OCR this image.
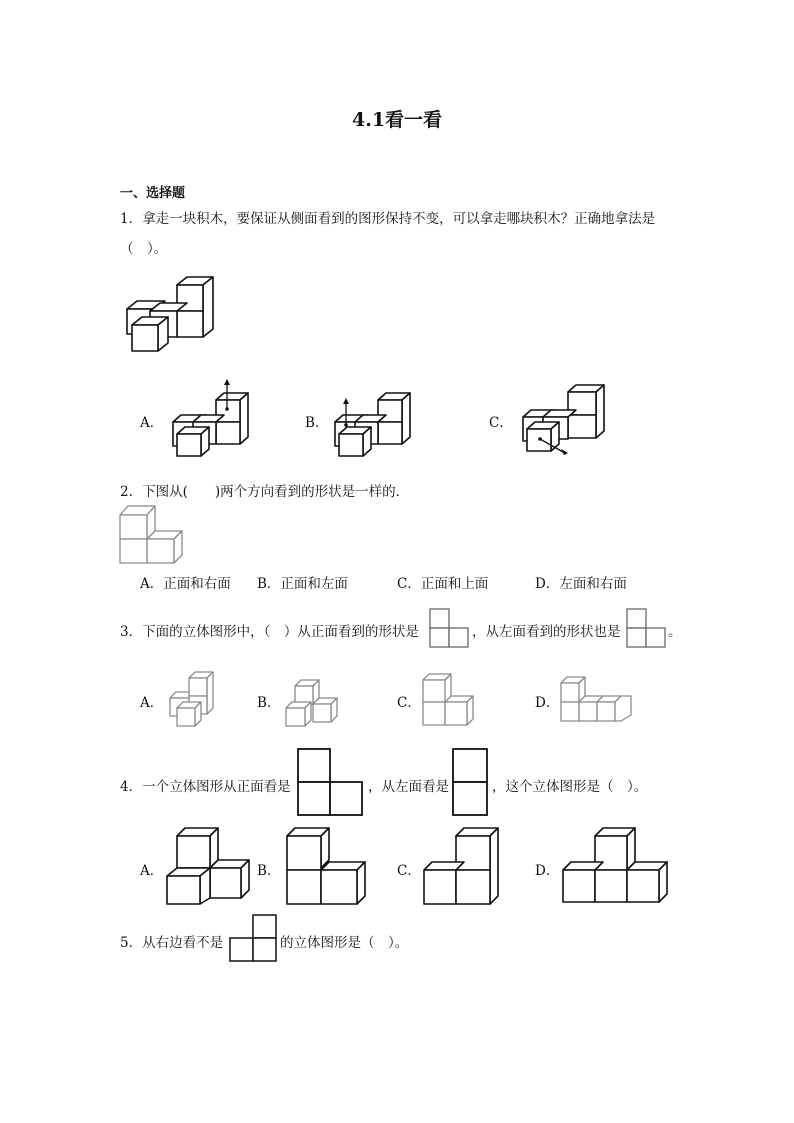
4.1看一看
一、选择题
1．拿走一块积木，要保证从侧面看到的图形保持不变，可以拿走哪块积木？正确地拿法是
（　）。
A．	B．	C．
2．下图从(　　)两个方向看到的形状是一样的．
A．正面和右面 B．正面和左面	C．正面和上面	D．左面和右面
3．下面的立体图形中，（　）从正面看到的形状是	，从左面看到的形状也是	。
A．	B．	C．	D．
4．一个立体图形从正面看是	，从左面看是	，这个立体图形是（　）。
A．	B．	C．	D．
5．从右边看不是	的立体图形是（　）。
